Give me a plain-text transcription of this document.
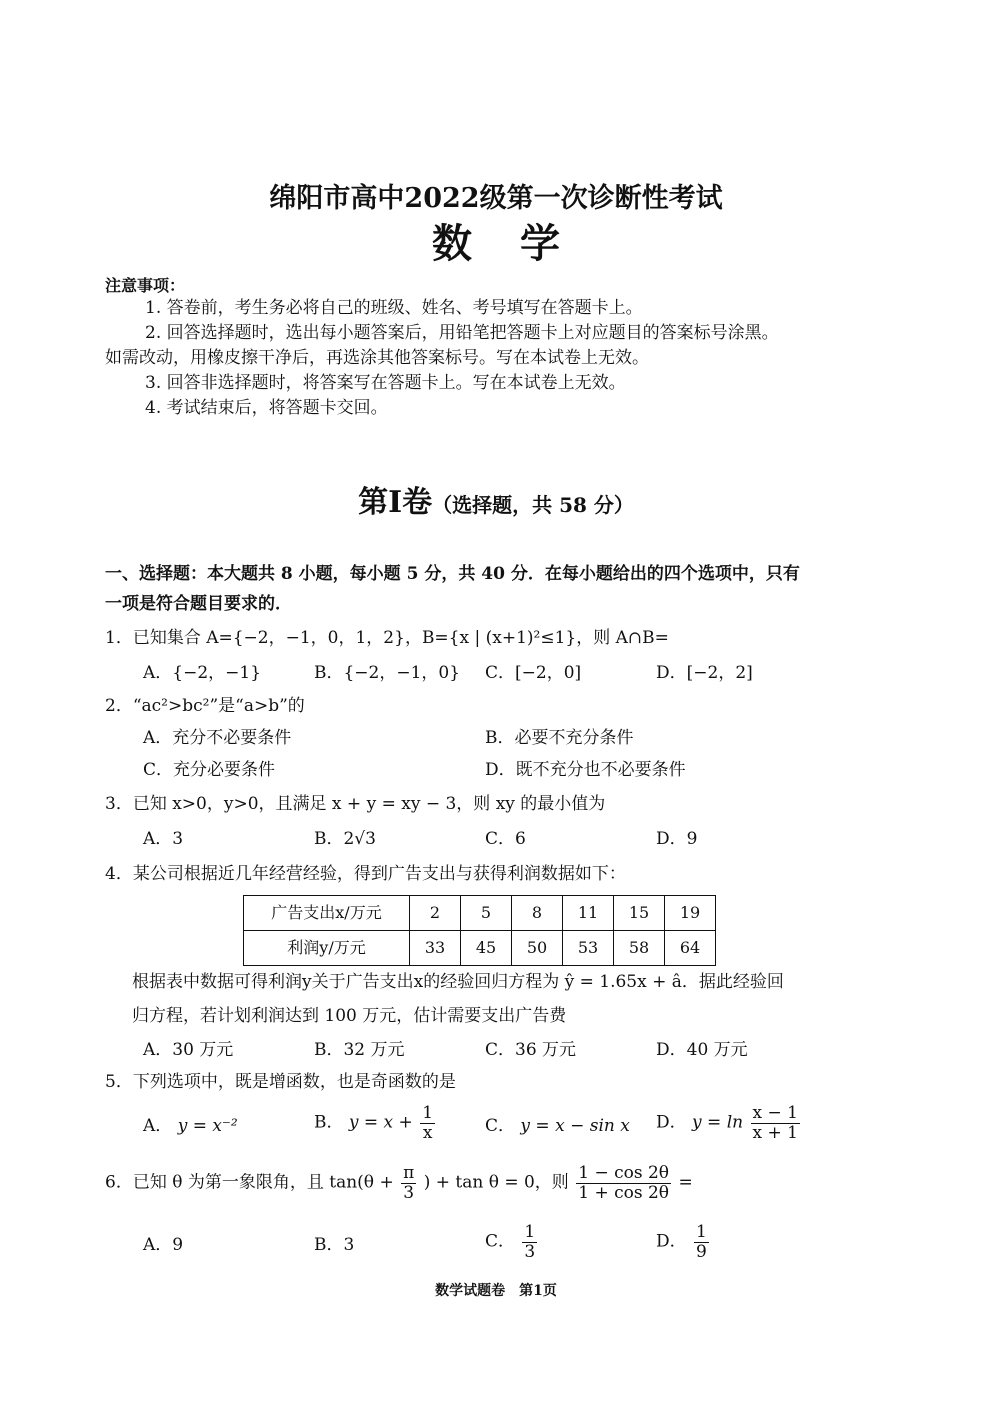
绵阳市高中2022级第一次诊断性考试
数学
注意事项：
1. 答卷前，考生务必将自己的班级、姓名、考号填写在答题卡上。
2. 回答选择题时，选出每小题答案后，用铅笔把答题卡上对应题目的答案标号涂黑。
如需改动，用橡皮擦干净后，再选涂其他答案标号。写在本试卷上无效。
3. 回答非选择题时，将答案写在答题卡上。写在本试卷上无效。
4. 考试结束后，将答题卡交回。
第Ⅰ卷（选择题，共 58 分）
一、选择题：本大题共 8 小题，每小题 5 分，共 40 分．在每小题给出的四个选项中，只有
一项是符合题目要求的．
1．已知集合 A={−2，−1，0，1，2}，B={x | (x+1)²≤1}，则 A∩B=
A．{−2，−1}	B．{−2，−1，0} C．[−2，0]	D．[−2，2]
2．“ac²>bc²”是“a>b”的
A．充分不必要条件	B．必要不充分条件
C．充分必要条件	D．既不充分也不必要条件
3．已知 x>0，y>0，且满足 x + y = xy − 3，则 xy 的最小值为
A．3	B．2√3	C．6	D．9
4．某公司根据近几年经营经验，得到广告支出与获得利润数据如下：
广告支出x/万元	2	5	8	11	15	19
利润y/万元	33	45	50	53	58	64
根据表中数据可得利润y关于广告支出x的经验回归方程为 ŷ = 1.65x + â．据此经验回
归方程，若计划利润达到 100 万元，估计需要支出广告费
A．30 万元	B．32 万元	C．36 万元	D．40 万元
5．下列选项中，既是增函数，也是奇函数的是
A． y = x⁻²	B． $y = x + \frac{1}{x}$	C． y = x − sin x D． $y = \ln \frac{x - 1}{x + 1}$
6．已知 θ 为第一象限角，且 $\tan(\theta + \frac{\pi}{3}$ ) + tan θ = 0，则 $\frac{1 - \cos 2\theta}{1 + \cos 2\theta}$ =
A．9	B．3	C． $\frac{1}{3}$	D． $\frac{1}{9}$
数学试题卷　第1页
